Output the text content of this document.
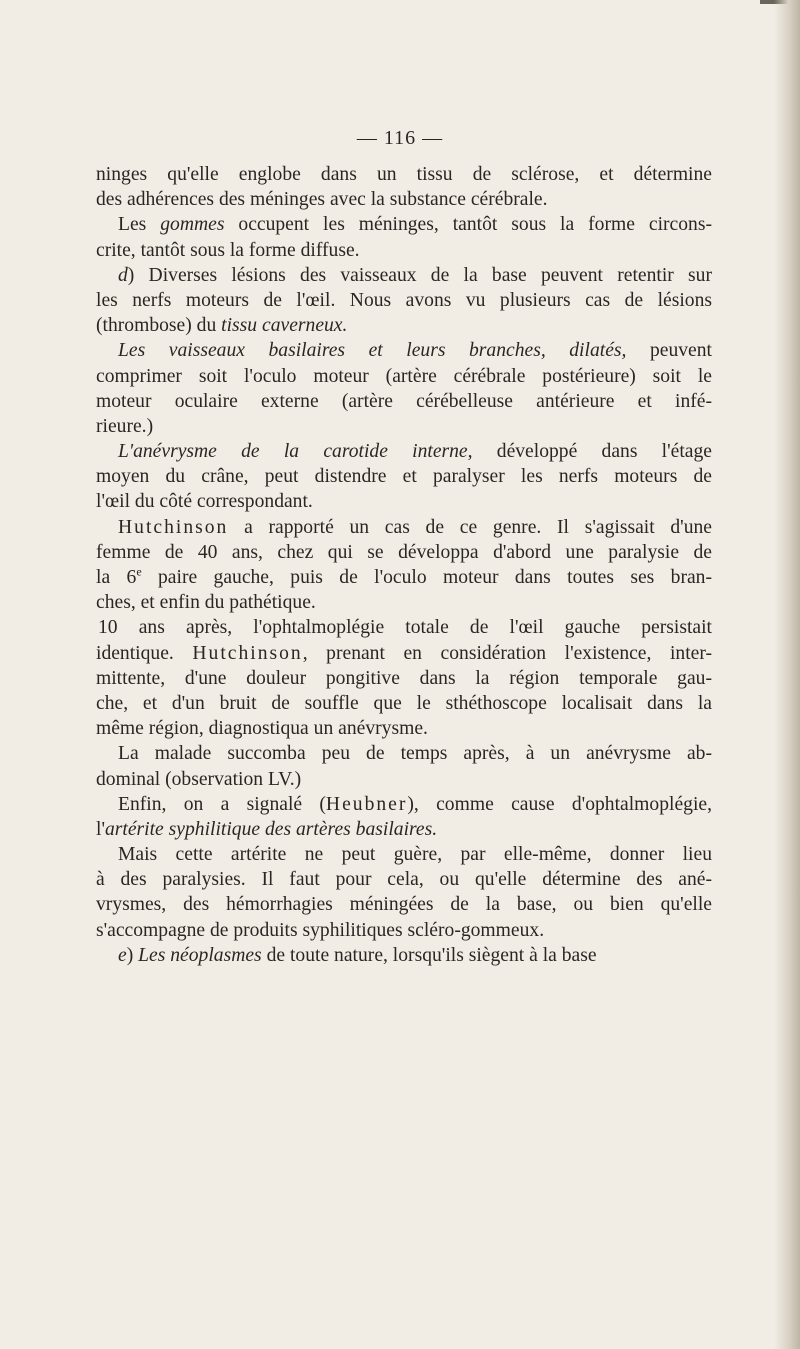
— 116 —
ninges qu'elle englobe dans un tissu de sclérose, et détermine
des adhérences des méninges avec la substance cérébrale.
Les gommes occupent les méninges, tantôt sous la forme circons-
crite, tantôt sous la forme diffuse.
d) Diverses lésions des vaisseaux de la base peuvent retentir sur
les nerfs moteurs de l'œil. Nous avons vu plusieurs cas de lésions
(thrombose) du tissu caverneux.
Les vaisseaux basilaires et leurs branches, dilatés, peuvent
comprimer soit l'oculo moteur (artère cérébrale postérieure) soit le
moteur oculaire externe (artère cérébelleuse antérieure et infé-
rieure.)
L'anévrysme de la carotide interne, développé dans l'étage
moyen du crâne, peut distendre et paralyser les nerfs moteurs de
l'œil du côté correspondant.
Hutchinson a rapporté un cas de ce genre. Il s'agissait d'une
femme de 40 ans, chez qui se développa d'abord une paralysie de
la 6e paire gauche, puis de l'oculo moteur dans toutes ses bran-
ches, et enfin du pathétique.
10 ans après, l'ophtalmoplégie totale de l'œil gauche persistait
identique. Hutchinson, prenant en considération l'existence, inter-
mittente, d'une douleur pongitive dans la région temporale gau-
che, et d'un bruit de souffle que le sthéthoscope localisait dans la
même région, diagnostiqua un anévrysme.
La malade succomba peu de temps après, à un anévrysme ab-
dominal (observation LV.)
Enfin, on a signalé (Heubner), comme cause d'ophtalmoplégie,
l'artérite syphilitique des artères basilaires.
Mais cette artérite ne peut guère, par elle-même, donner lieu
à des paralysies. Il faut pour cela, ou qu'elle détermine des ané-
vrysmes, des hémorrhagies méningées de la base, ou bien qu'elle
s'accompagne de produits syphilitiques scléro-gommeux.
e) Les néoplasmes de toute nature, lorsqu'ils siègent à la base
